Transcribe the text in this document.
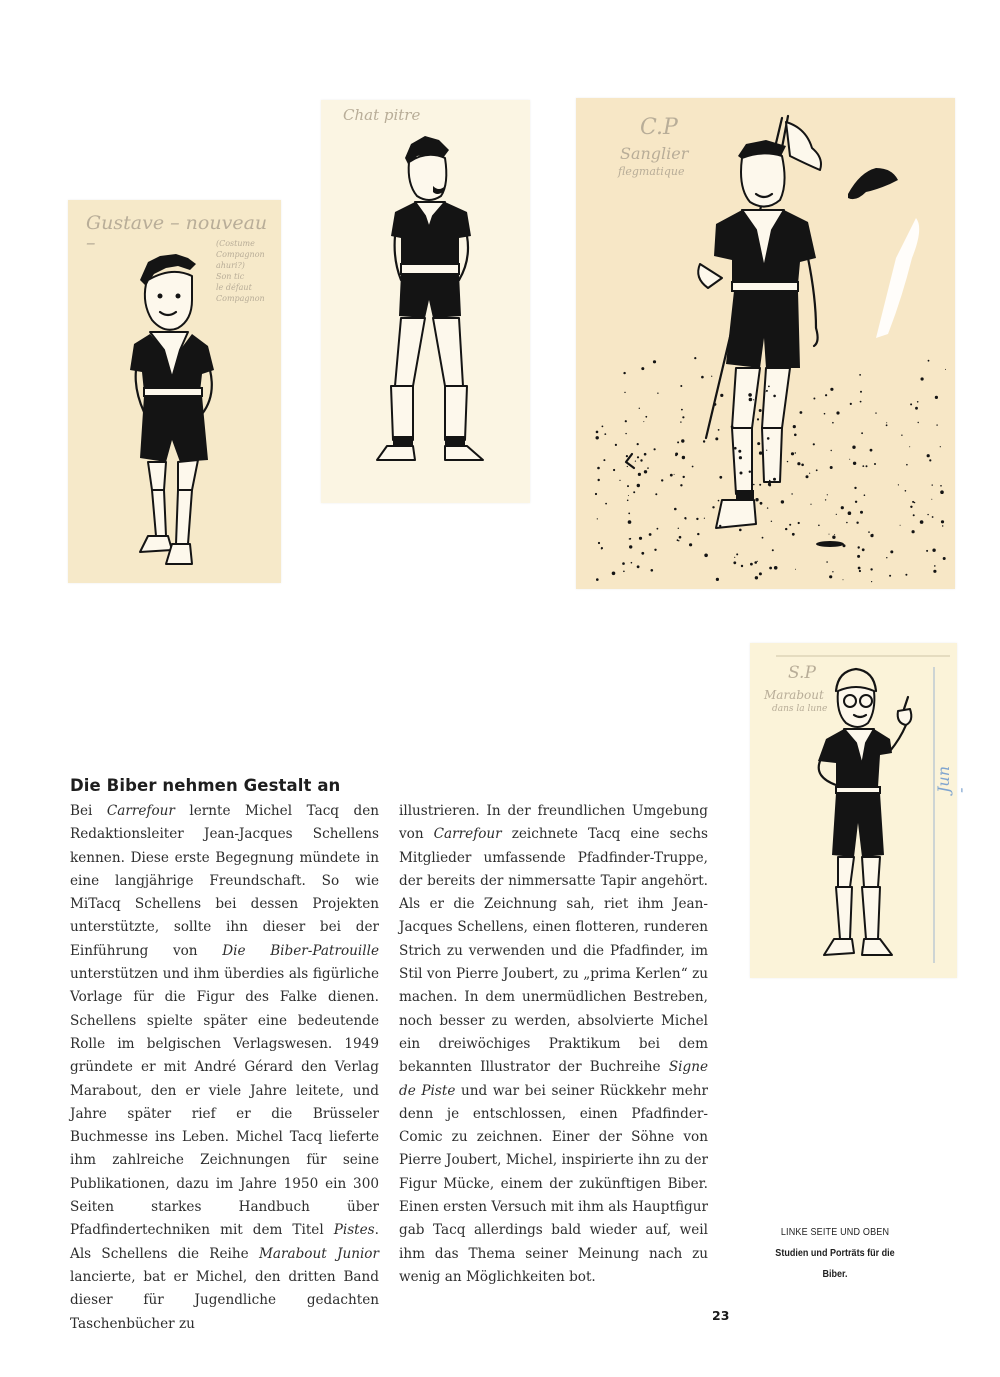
Gustave – nouveau –	(Costume
Compagnon
ahuri?)
Son tic
le défaut
Compagnon
Chat pitre	C.P
Sanglier
flegmatique
S.P
Marabout
dans la lune
Jun -
Die Biber nehmen Gestalt an

Bei Carrefour lernte Michel Tacq den Redaktionsleiter Jean-Jacques Schellens kennen. Diese erste Begegnung mündete in eine langjährige Freundschaft. So wie MiTacq Schellens bei dessen Projekten unterstützte, sollte ihn dieser bei der Einführung von Die Biber-Patrouille unterstützen und ihm überdies als figürliche Vorlage für die Figur des Falke dienen. Schellens spielte später eine bedeutende Rolle im belgischen Verlagswesen. 1949 gründete er mit André Gérard den Verlag Marabout, den er viele Jahre leitete, und Jahre später rief er die Brüsseler Buchmesse ins Leben. Michel Tacq lieferte ihm zahlreiche Zeichnungen für seine Publikationen, dazu im Jahre 1950 ein 300 Seiten starkes Handbuch über Pfadfindertechniken mit dem Titel Pistes. Als Schellens die Reihe Marabout Junior lancierte, bat er Michel, den dritten Band dieser für Jugendliche gedachten Taschenbücher zu

illustrieren. In der freundlichen Umgebung von Carrefour zeichnete Tacq eine sechs Mitglieder umfassende Pfadfinder-Truppe, der bereits der nimmersatte Tapir angehört. Als er die Zeichnung sah, riet ihm Jean-Jacques Schellens, einen flotteren, runderen Strich zu verwenden und die Pfadfinder, im Stil von Pierre Joubert, zu „prima Kerlen“ zu machen. In dem unermüdlichen Bestreben, noch besser zu werden, absolvierte Michel ein dreiwöchiges Praktikum bei dem bekannten Illustrator der Buchreihe Signe de Piste und war bei seiner Rückkehr mehr denn je entschlossen, einen Pfadfinder-Comic zu zeichnen. Einer der Söhne von Pierre Joubert, Michel, inspirierte ihn zu der Figur Mücke, einem der zukünftigen Biber. Einen ersten Versuch mit ihm als Hauptfigur gab Tacq allerdings bald wieder auf, weil ihm das Thema seiner Meinung nach zu wenig an Möglichkeiten bot.

LINKE SEITE UND OBEN
Studien und Porträts für die Biber.
23
